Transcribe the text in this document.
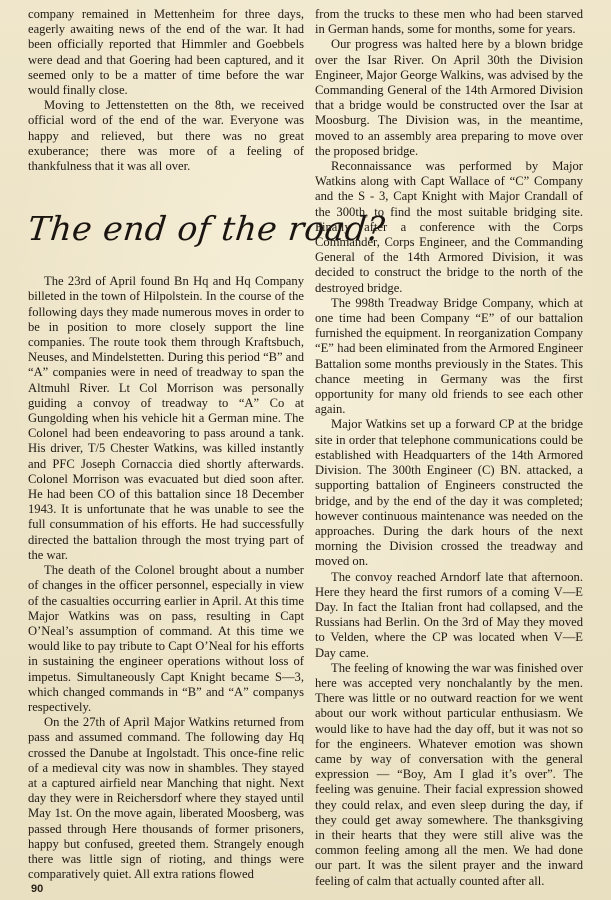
company remained in Mettenheim for three days, eagerly awaiting news of the end of the war. It had been officially reported that Himmler and Goebbels were dead and that Goering had been captured, and it seemed only to be a matter of time before the war would finally close.

Moving to Jettenstetten on the 8th, we received official word of the end of the war. Everyone was happy and relieved, but there was no great exuberance; there was more of a feeling of thankfulness that it was all over.

The end of the road?

The 23rd of April found Bn Hq and Hq Company billeted in the town of Hilpolstein. In the course of the following days they made numerous moves in order to be in position to more closely support the line companies. The route took them through Kraftsbuch, Neuses, and Mindelstetten. During this period “B” and “A” companies were in need of treadway to span the Altmuhl River. Lt Col Morrison was personally guiding a convoy of treadway to “A” Co at Gungolding when his vehicle hit a German mine. The Colonel had been endeavoring to pass around a tank. His driver, T/5 Chester Watkins, was killed instantly and PFC Joseph Cornaccia died shortly afterwards. Colonel Morrison was evacuated but died soon after. He had been CO of this battalion since 18 December 1943. It is unfortunate that he was unable to see the full consummation of his efforts. He had successfully directed the battalion through the most trying part of the war.

The death of the Colonel brought about a number of changes in the officer personnel, especially in view of the casualties occurring earlier in April. At this time Major Watkins was on pass, resulting in Capt O’Neal’s assumption of command. At this time we would like to pay tribute to Capt O’Neal for his efforts in sustaining the engineer operations without loss of impetus. Simultaneously Capt Knight became S—3, which changed commands in “B” and “A” companys respectively.

On the 27th of April Major Watkins returned from pass and assumed command. The following day Hq crossed the Danube at Ingolstadt. This once-fine relic of a medieval city was now in shambles. They stayed at a captured airfield near Manching that night. Next day they were in Reichersdorf where they stayed until May 1st. On the move again, liberated Moosberg, was passed through Here thousands of former prisoners, happy but confused, greeted them. Strangely enough there was little sign of rioting, and things were comparatively quiet. All extra rations flowed

from the trucks to these men who had been starved in German hands, some for months, some for years.

Our progress was halted here by a blown bridge over the Isar River. On April 30th the Division Engineer, Major George Walkins, was advised by the Commanding General of the 14th Armored Division that a bridge would be constructed over the Isar at Moosburg. The Division was, in the meantime, moved to an assembly area preparing to move over the proposed bridge.

Reconnaissance was performed by Major Watkins along with Capt Wallace of “C” Company and the S - 3, Capt Knight with Major Crandall of the 300th, to find the most suitable bridging site. Finally after a conference with the Corps Commander, Corps Engineer, and the Commanding General of the 14th Armored Division, it was decided to construct the bridge to the north of the destroyed bridge.

The 998th Treadway Bridge Company, which at one time had been Company “E” of our battalion furnished the equipment. In reorganization Company “E” had been eliminated from the Armored Engineer Battalion some months previously in the States. This chance meeting in Germany was the first opportunity for many old friends to see each other again.

Major Watkins set up a forward CP at the bridge site in order that telephone communications could be established with Headquarters of the 14th Armored Division. The 300th Engineer (C) BN. attacked, a supporting battalion of Engineers constructed the bridge, and by the end of the day it was completed; however continuous maintenance was needed on the approaches. During the dark hours of the next morning the Division crossed the treadway and moved on.

The convoy reached Arndorf late that afternoon. Here they heard the first rumors of a coming V—E Day. In fact the Italian front had collapsed, and the Russians had Berlin. On the 3rd of May they moved to Velden, where the CP was located when V—E Day came.

The feeling of knowing the war was finished over here was accepted very nonchalantly by the men. There was little or no outward reaction for we went about our work without particular enthusiasm. We would like to have had the day off, but it was not so for the engineers. Whatever emotion was shown came by way of conversation with the general expression — “Boy, Am I glad it’s over”. The feeling was genuine. Their facial expression showed they could relax, and even sleep during the day, if they could get away somewhere. The thanksgiving in their hearts that they were still alive was the common feeling among all the men. We had done our part. It was the silent prayer and the inward feeling of calm that actually counted after all.

90
